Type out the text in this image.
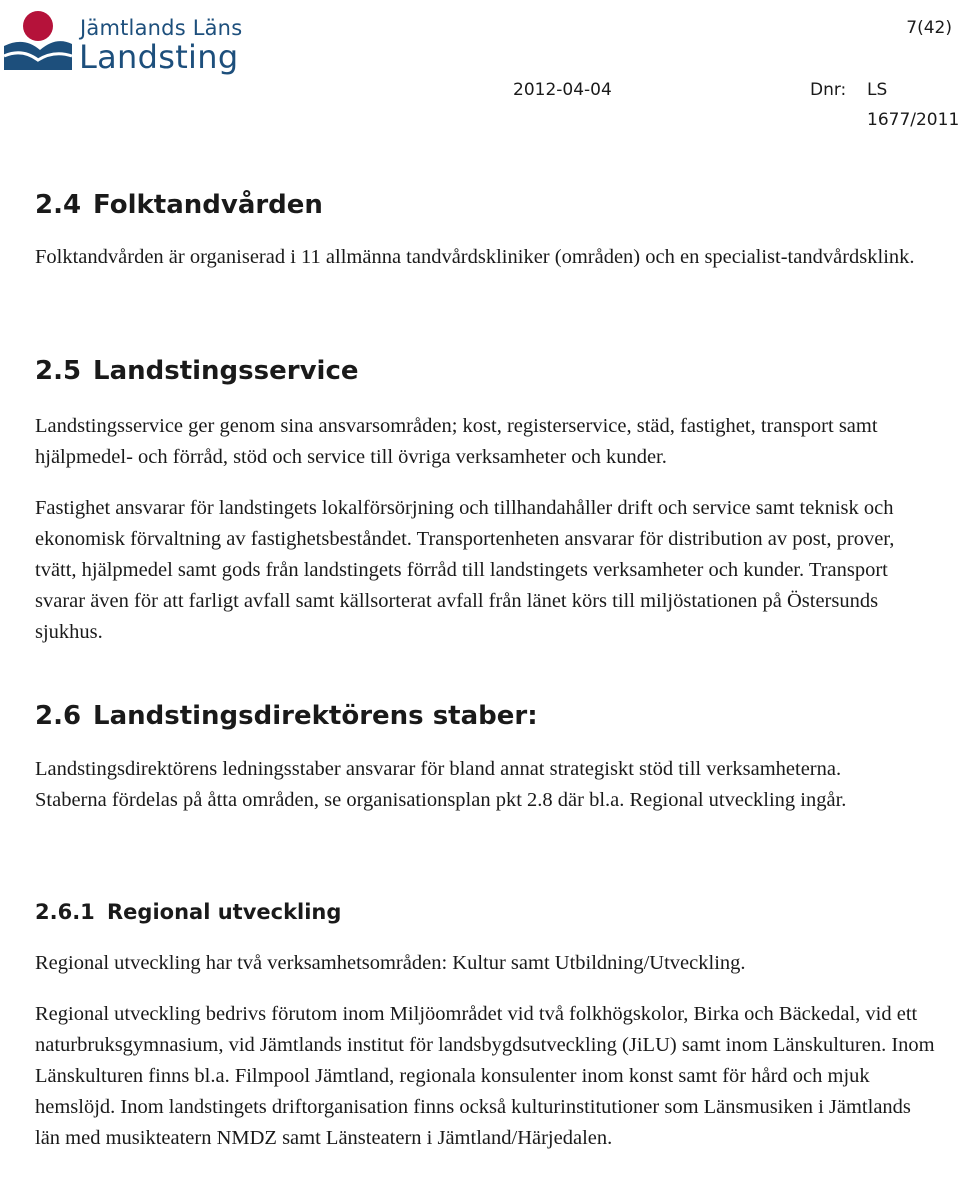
Jämtlands Läns
Landsting
7(42)
2012-04-04	Dnr: LS
1677/2011
2.4 Folktandvården

Folktandvården är organiserad i 11 allmänna tandvårdskliniker (områden) och en specialist-tandvårdsklink.

2.5 Landstingsservice

Landstingsservice ger genom sina ansvarsområden; kost, registerservice, städ, fastighet, transport samt hjälpmedel- och förråd, stöd och service till övriga verksamheter och kunder.

Fastighet ansvarar för landstingets lokalförsörjning och tillhandahåller drift och service samt teknisk och ekonomisk förvaltning av fastighetsbeståndet. Transportenheten ansvarar för distribution av post, prover, tvätt, hjälpmedel samt gods från landstingets förråd till landstingets verksamheter och kunder. Transport svarar även för att farligt avfall samt källsorterat avfall från länet körs till miljöstationen på Östersunds sjukhus.

2.6 Landstingsdirektörens staber:

Landstingsdirektörens ledningsstaber ansvarar för bland annat strategiskt stöd till verksamheterna. Staberna fördelas på åtta områden, se organisationsplan pkt 2.8 där bl.a. Regional utveckling ingår.

2.6.1 Regional utveckling

Regional utveckling har två verksamhetsområden: Kultur samt Utbildning/Utveckling.

Regional utveckling bedrivs förutom inom Miljöområdet vid två folkhögskolor, Birka och Bäckedal, vid ett naturbruksgymnasium, vid Jämtlands institut för landsbygdsutveckling (JiLU) samt inom Länskulturen. Inom Länskulturen finns bl.a. Filmpool Jämtland, regionala konsulenter inom konst samt för hård och mjuk hemslöjd. Inom landstingets driftorganisation finns också kulturinstitutioner som Länsmusiken i Jämtlands län med musikteatern NMDZ samt Länsteatern i Jämtland/Härjedalen.
